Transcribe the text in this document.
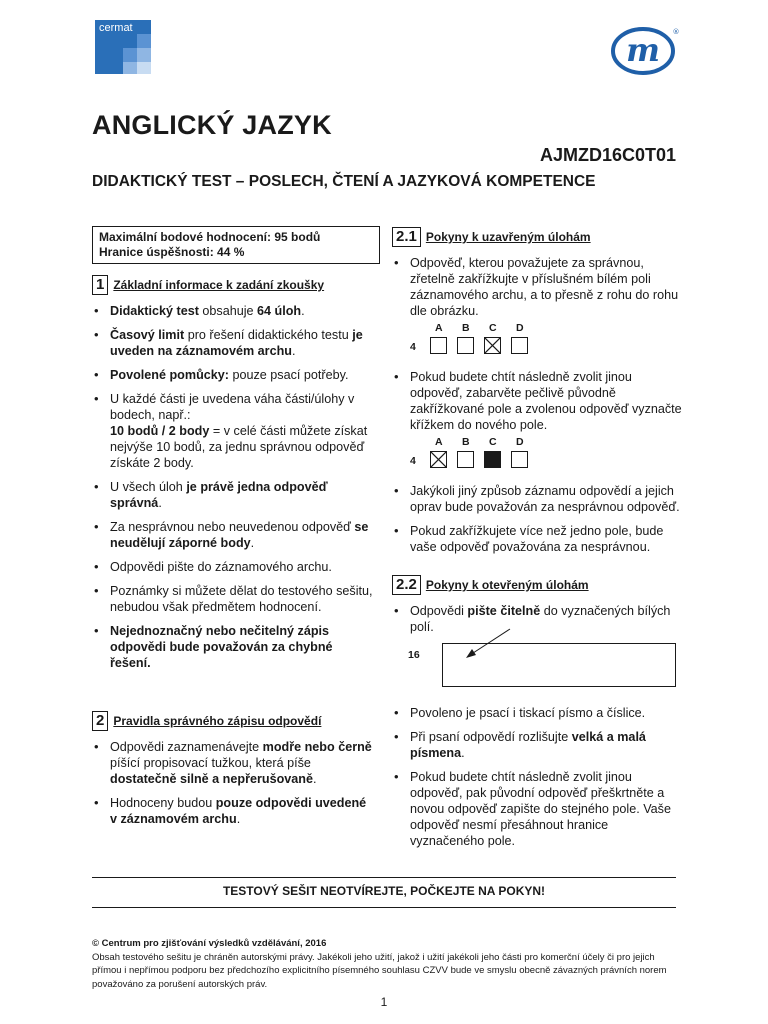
cermat
m ®
ANGLICKÝ JAZYK
AJMZD16C0T01
DIDAKTICKÝ TEST – POSLECH, ČTENÍ A JAZYKOVÁ KOMPETENCE
Maximální bodové hodnocení: 95 bodů
Hranice úspěšnosti: 44 %
1 Základní informace k zadání zkoušky
• Didaktický test obsahuje 64 úloh.
• Časový limit pro řešení didaktického testu je uveden na záznamovém archu.
• Povolené pomůcky: pouze psací potřeby.
• U každé části je uvedena váha části/úlohy v bodech, např.:
10 bodů / 2 body = v celé části můžete získat nejvýše 10 bodů, za jednu správnou odpověď získáte 2 body.
• U všech úloh je právě jedna odpověď správná.
• Za nesprávnou nebo neuvedenou odpověď se neudělují záporné body.
• Odpovědi pište do záznamového archu.
• Poznámky si můžete dělat do testového sešitu, nebudou však předmětem hodnocení.
• Nejednoznačný nebo nečitelný zápis odpovědi bude považován za chybné řešení.
2 Pravidla správného zápisu odpovědí
• Odpovědi zaznamenávejte modře nebo černě píšící propisovací tužkou, která píše dostatečně silně a nepřerušovaně.
• Hodnoceny budou pouze odpovědi uvedené v záznamovém archu.
2.1 Pokyny k uzavřeným úlohám
• Odpověď, kterou považujete za správnou, zřetelně zakřížkujte v příslušném bílém poli záznamového archu, a to přesně z rohu do rohu dle obrázku.
4
A B C D
• Pokud budete chtít následně zvolit jinou odpověď, zabarvěte pečlivě původně zakřížkované pole a zvolenou odpověď vyznačte křížkem do nového pole.
4
A B C D
• Jakýkoli jiný způsob záznamu odpovědí a jejich oprav bude považován za nesprávnou odpověď.
• Pokud zakřížkujete více než jedno pole, bude vaše odpověď považována za nesprávnou.
2.2 Pokyny k otevřeným úlohám
• Odpovědi pište čitelně do vyznačených bílých polí.
16
• Povoleno je psací i tiskací písmo a číslice.
• Při psaní odpovědí rozlišujte velká a malá písmena.
• Pokud budete chtít následně zvolit jinou odpověď, pak původní odpověď přeškrtněte a novou odpověď zapište do stejného pole. Vaše odpověď nesmí přesáhnout hranice vyznačeného pole.
TESTOVÝ SEŠIT NEOTVÍREJTE, POČKEJTE NA POKYN!
© Centrum pro zjišťování výsledků vzdělávání, 2016
Obsah testového sešitu je chráněn autorskými právy. Jakékoli jeho užití, jakož i užití jakékoli jeho části pro komerční účely či pro jejich přímou i nepřímou podporu bez předchozího explicitního písemného souhlasu CZVV bude ve smyslu obecně závazných právních norem považováno za porušení autorských práv.
1
